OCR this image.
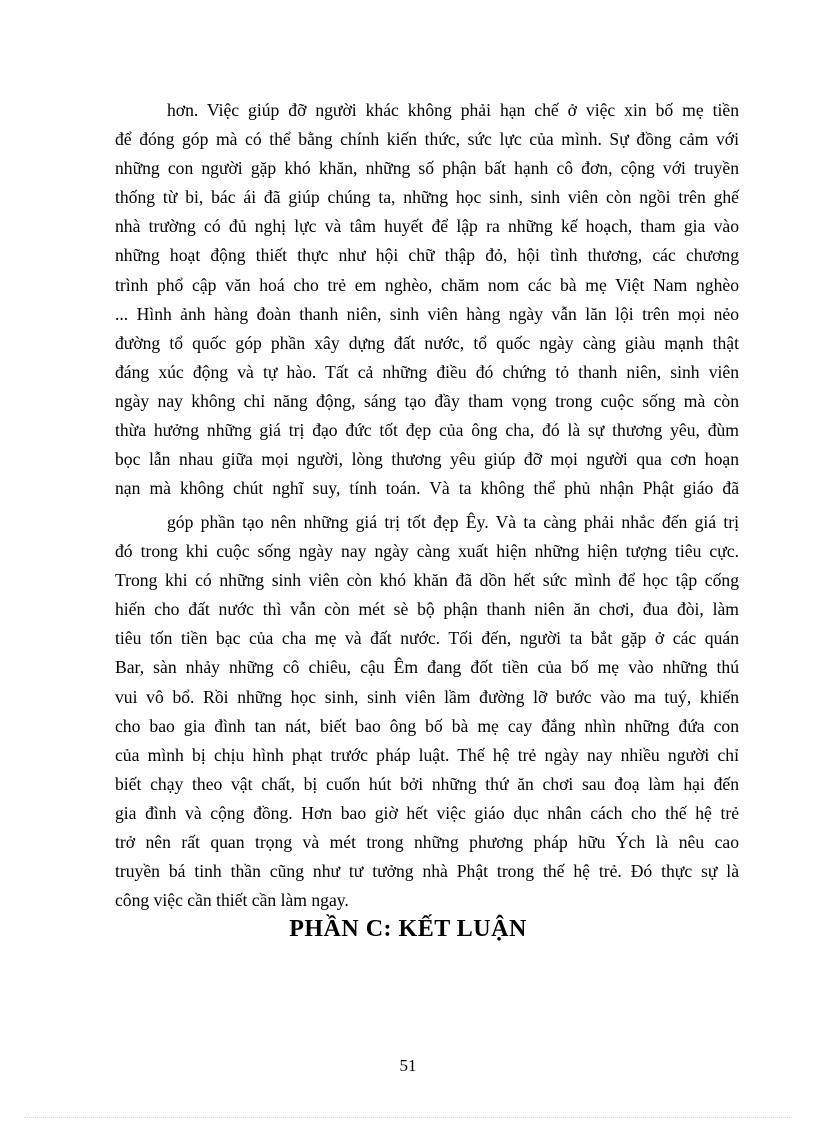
hơn. Việc giúp đỡ người khác không phải hạn chế ở việc xin bố mẹ tiền
để đóng góp mà có thể bằng chính kiến thức, sức lực của mình. Sự đồng cảm với
những con người gặp khó khăn, những số phận bất hạnh cô đơn, cộng với truyền
thống từ bi, bác ái đã giúp chúng ta, những học sinh, sinh viên còn ngồi trên ghế
nhà trường có đủ nghị lực và tâm huyết để lập ra những kế hoạch, tham gia vào
những hoạt động thiết thực như hội chữ thập đỏ, hội tình thương, các chương
trình phổ cập văn hoá cho trẻ em nghèo, chăm nom các bà mẹ Việt Nam nghèo
... Hình ảnh hàng đoàn thanh niên, sinh viên hàng ngày vẫn lăn lội trên mọi nẻo
đường tổ quốc góp phần xây dựng đất nước, tổ quốc ngày càng giàu mạnh thật
đáng xúc động và tự hào. Tất cả những điều đó chứng tỏ thanh niên, sinh viên
ngày nay không chỉ năng động, sáng tạo đầy tham vọng trong cuộc sống mà còn
thừa hưởng những giá trị đạo đức tốt đẹp của ông cha, đó là sự thương yêu, đùm
bọc lẫn nhau giữa mọi người, lòng thương yêu giúp đỡ mọi người qua cơn hoạn
nạn mà không chút nghĩ suy, tính toán. Và ta không thể phủ nhận Phật giáo đã
góp phần tạo nên những giá trị tốt đẹp Êy. Và ta càng phải nhắc đến giá trị
đó trong khi cuộc sống ngày nay ngày càng xuất hiện những hiện tượng tiêu cực.
Trong khi có những sinh viên còn khó khăn đã dồn hết sức mình để học tập cống
hiến cho đất nước thì vẫn còn mét sè bộ phận thanh niên ăn chơi, đua đòi, làm
tiêu tốn tiền bạc của cha mẹ và đất nước. Tối đến, người ta bắt gặp ở các quán
Bar, sàn nhảy những cô chiêu, cậu Êm đang đốt tiền của bố mẹ vào những thú
vui vô bổ. Rồi những học sinh, sinh viên lầm đường lỡ bước vào ma tuý, khiến
cho bao gia đình tan nát, biết bao ông bố bà mẹ cay đắng nhìn những đứa con
của mình bị chịu hình phạt trước pháp luật. Thế hệ trẻ ngày nay nhiều người chỉ
biết chạy theo vật chất, bị cuốn hút bởi những thứ ăn chơi sau đoạ làm hại đến
gia đình và cộng đồng. Hơn bao giờ hết việc giáo dục nhân cách cho thế hệ trẻ
trở nên rất quan trọng và mét trong những phương pháp hữu Ých là nêu cao
truyền bá tinh thần cũng như tư tưởng nhà Phật trong thế hệ trẻ. Đó thực sự là
công việc cần thiết cần làm ngay.
PHẦN C: KẾT LUẬN
51
